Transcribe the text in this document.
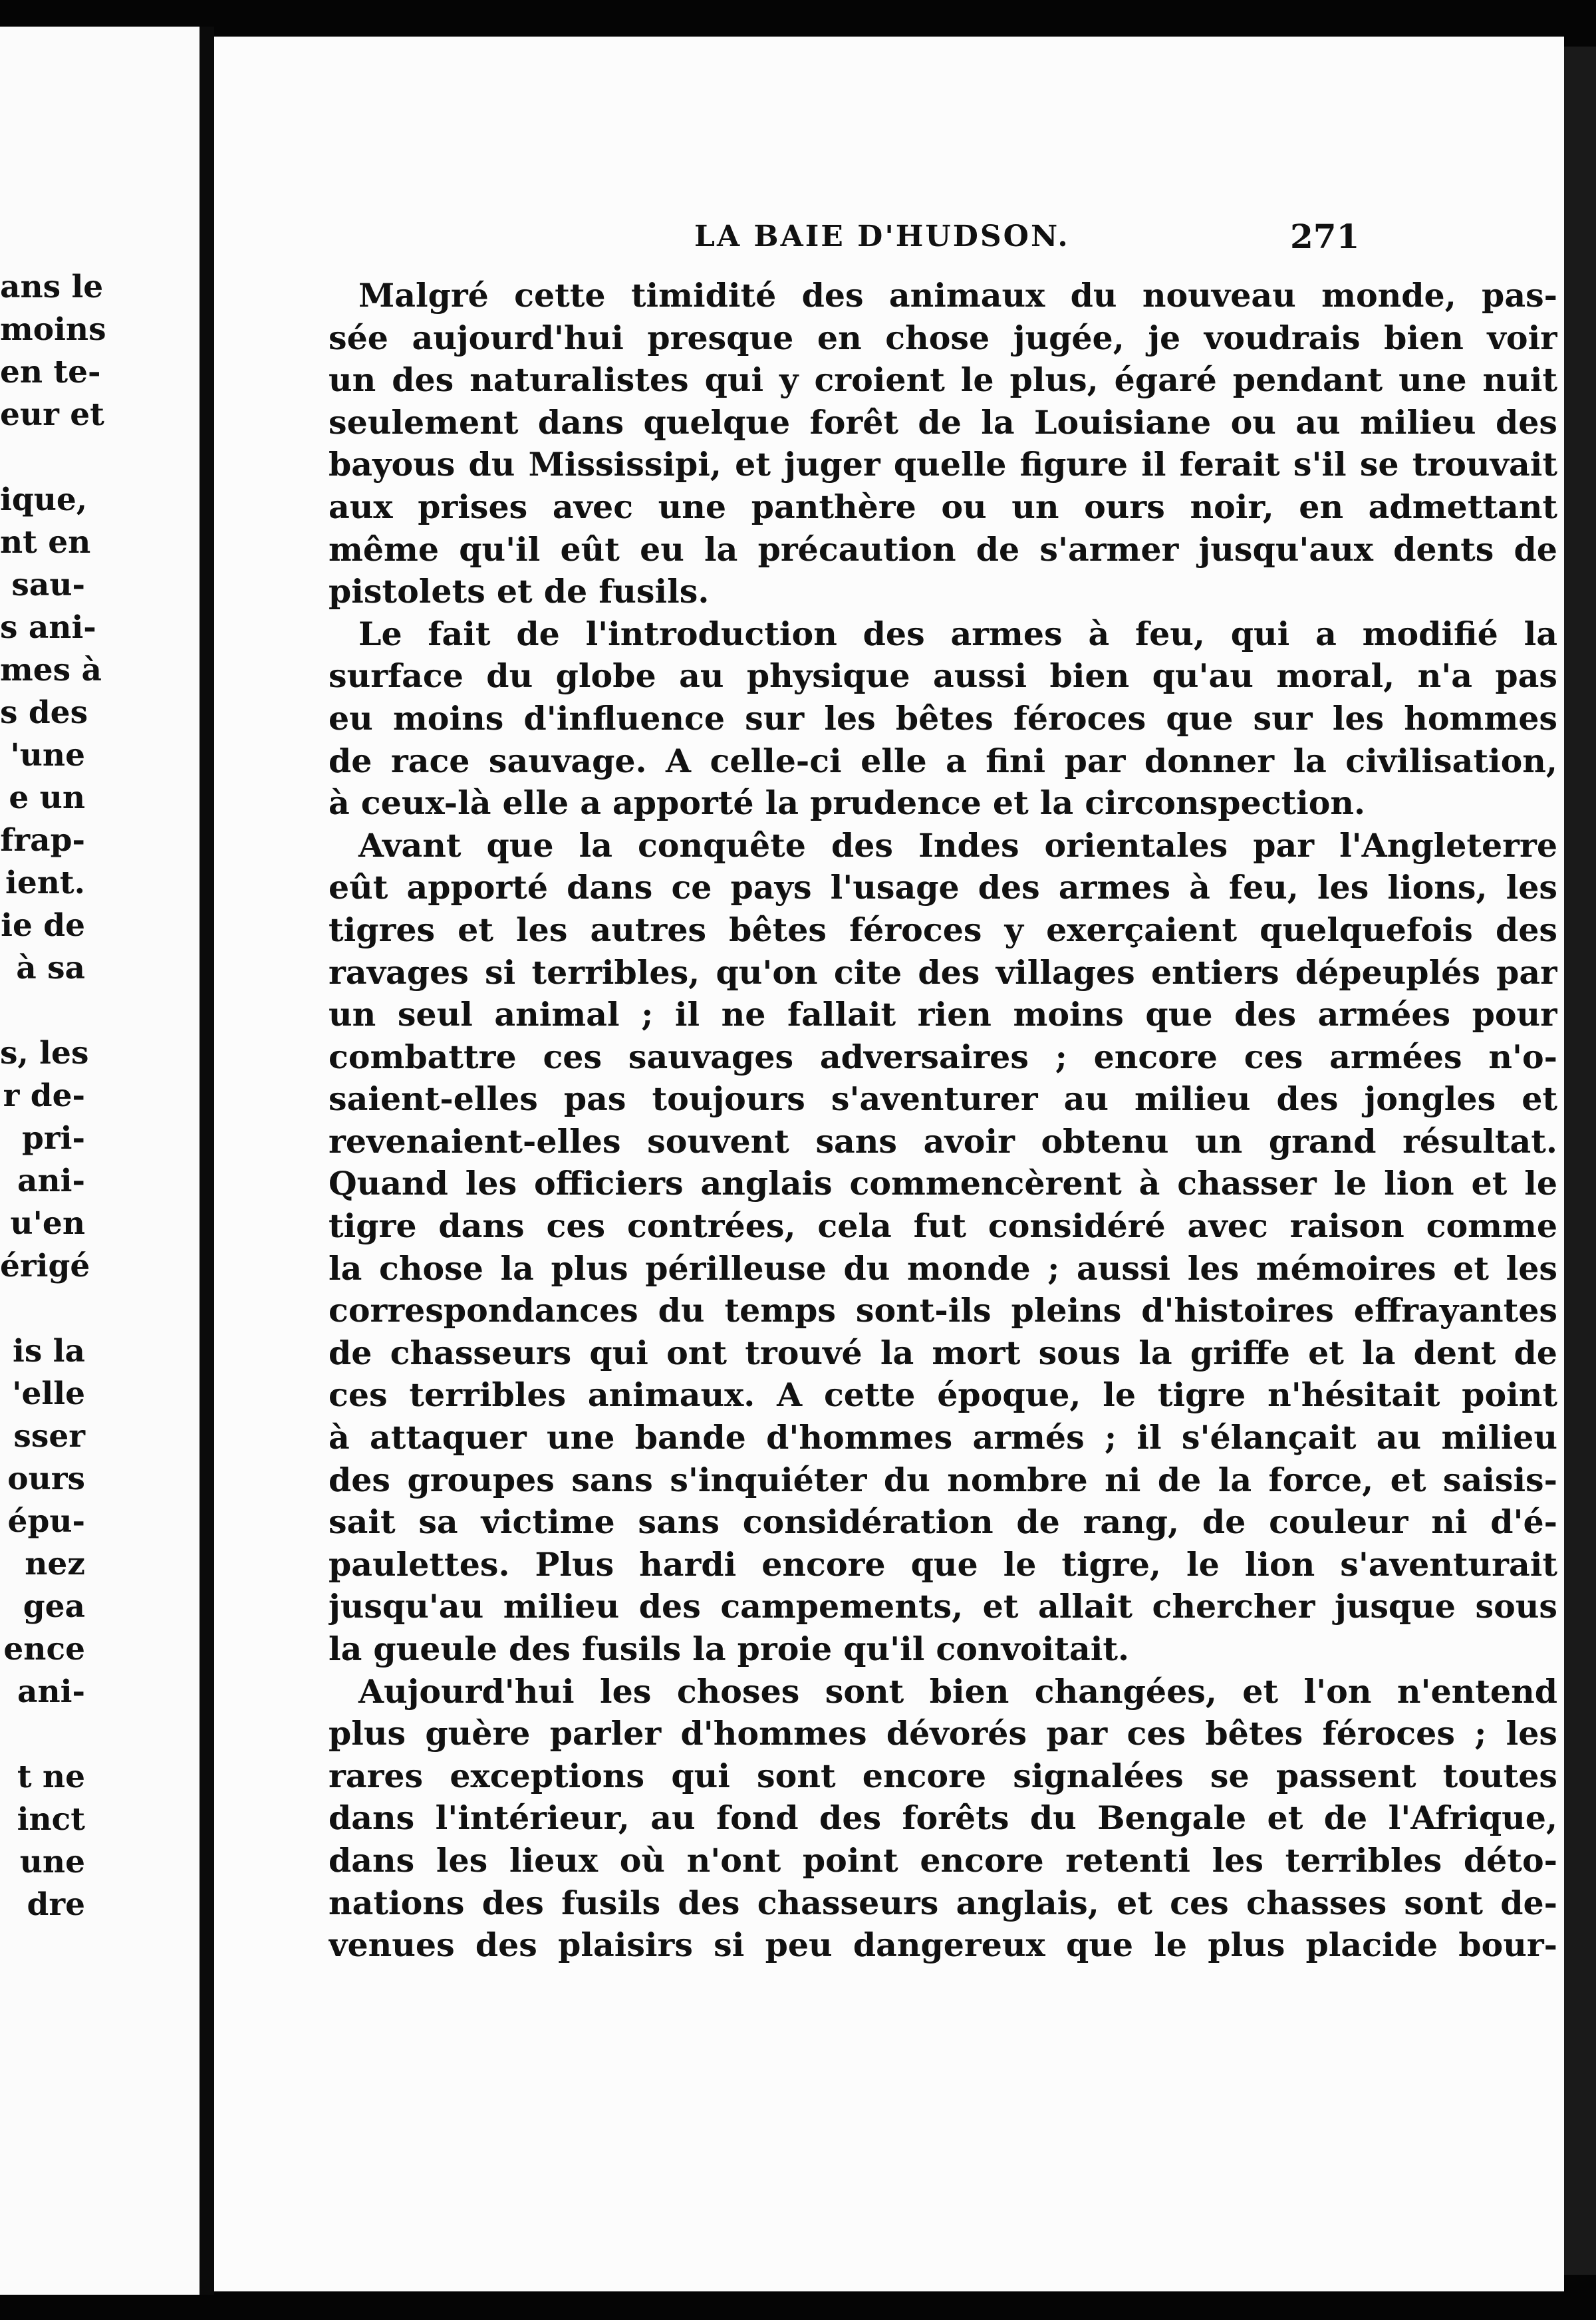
ans le
moins
en te-
eur et
ique,
nt en
sau-
s ani-
mes à
s des
'une
e un
frap-
ient.
ie de
à sa
s, les
r de-
pri-
ani-
u'en
érigé
is la
'elle
sser
ours
épu-
nez
gea
ence
ani-
t ne
inct
une
dre
LA BAIE D'HUDSON.	271
Malgré cette timidité des animaux du nouveau monde, pas-
sée aujourd'hui presque en chose jugée, je voudrais bien voir
un des naturalistes qui y croient le plus, égaré pendant une nuit
seulement dans quelque forêt de la Louisiane ou au milieu des
bayous du Mississipi, et juger quelle figure il ferait s'il se trouvait
aux prises avec une panthère ou un ours noir, en admettant
même qu'il eût eu la précaution de s'armer jusqu'aux dents de
pistolets et de fusils.
Le fait de l'introduction des armes à feu, qui a modifié la
surface du globe au physique aussi bien qu'au moral, n'a pas
eu moins d'influence sur les bêtes féroces que sur les hommes
de race sauvage. A celle-ci elle a fini par donner la civilisation,
à ceux-là elle a apporté la prudence et la circonspection.
Avant que la conquête des Indes orientales par l'Angleterre
eût apporté dans ce pays l'usage des armes à feu, les lions, les
tigres et les autres bêtes féroces y exerçaient quelquefois des
ravages si terribles, qu'on cite des villages entiers dépeuplés par
un seul animal ; il ne fallait rien moins que des armées pour
combattre ces sauvages adversaires ; encore ces armées n'o-
saient-elles pas toujours s'aventurer au milieu des jongles et
revenaient-elles souvent sans avoir obtenu un grand résultat.
Quand les officiers anglais commencèrent à chasser le lion et le
tigre dans ces contrées, cela fut considéré avec raison comme
la chose la plus périlleuse du monde ; aussi les mémoires et les
correspondances du temps sont-ils pleins d'histoires effrayantes
de chasseurs qui ont trouvé la mort sous la griffe et la dent de
ces terribles animaux. A cette époque, le tigre n'hésitait point
à attaquer une bande d'hommes armés ; il s'élançait au milieu
des groupes sans s'inquiéter du nombre ni de la force, et saisis-
sait sa victime sans considération de rang, de couleur ni d'é-
paulettes. Plus hardi encore que le tigre, le lion s'aventurait
jusqu'au milieu des campements, et allait chercher jusque sous
la gueule des fusils la proie qu'il convoitait.
Aujourd'hui les choses sont bien changées, et l'on n'entend
plus guère parler d'hommes dévorés par ces bêtes féroces ; les
rares exceptions qui sont encore signalées se passent toutes
dans l'intérieur, au fond des forêts du Bengale et de l'Afrique,
dans les lieux où n'ont point encore retenti les terribles déto-
nations des fusils des chasseurs anglais, et ces chasses sont de-
venues des plaisirs si peu dangereux que le plus placide bour-
